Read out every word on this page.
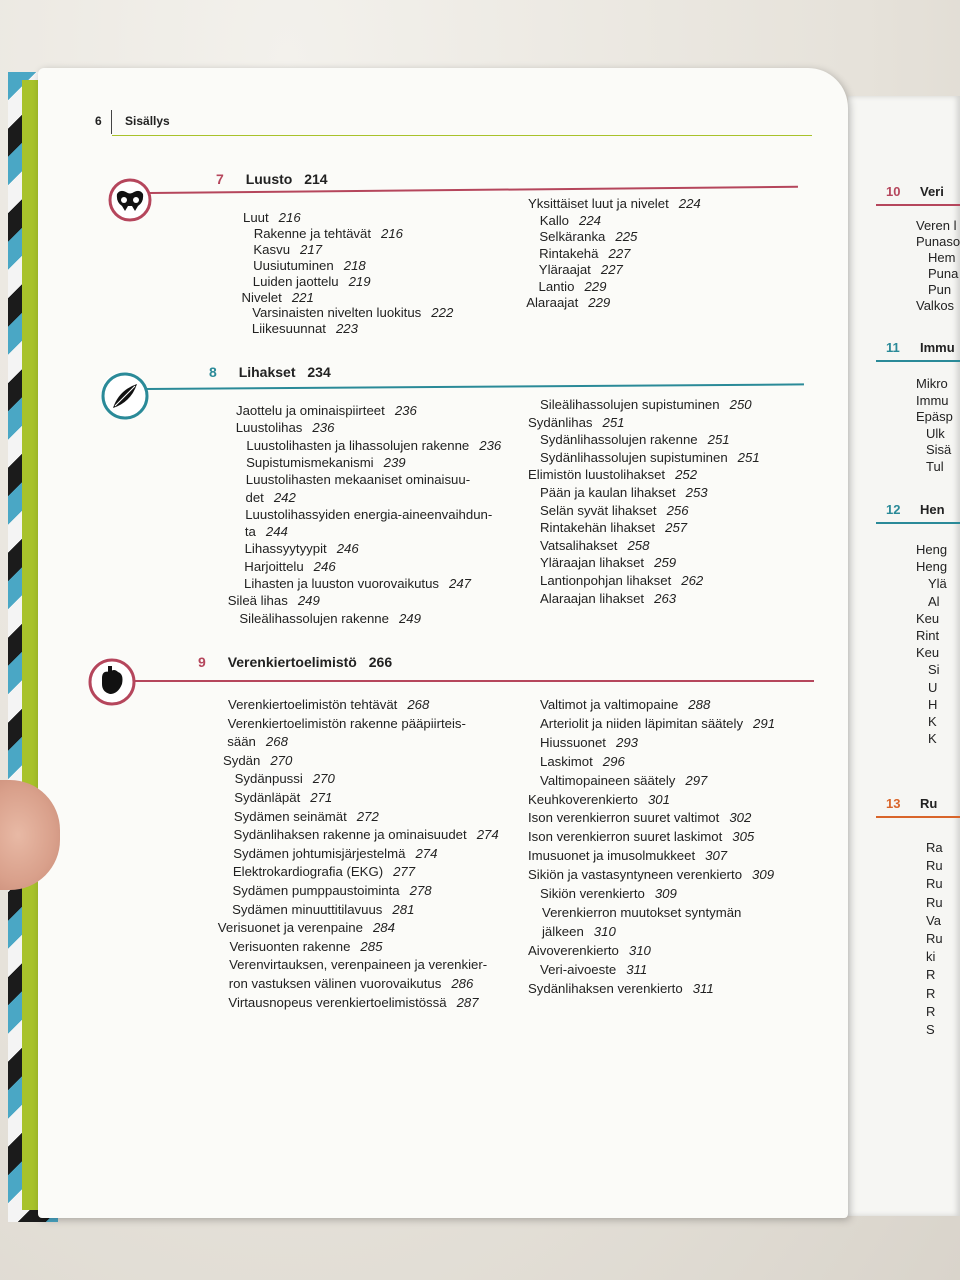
10 Veri
Veren l
Punaso
Hem
Puna
Pun
Valkos
11 Immu
Mikro
Immu
Epäsp
Ulk
Sisä
Tul
12 Hen
Heng
Heng
Ylä
Al
Keu
Rint
Keu
Si
U
H
K
K
13 Ru
Ra
Ru
Ru
Ru
Va
Ru
ki
R
R
R
S
6 Sisällys
7 Luusto 214
Luut 216
Rakenne ja tehtävät 216
Kasvu 217
Uusiutuminen 218
Luiden jaottelu 219
Nivelet 221
Varsinaisten nivelten luokitus 222
Liikesuunnat 223
Yksittäiset luut ja nivelet 224
Kallo 224
Selkäranka 225
Rintakehä 227
Yläraajat 227
Lantio 229
Alaraajat 229
8 Lihakset 234
Jaottelu ja ominaispiirteet 236
Luustolihas 236
Luustolihasten ja lihassolujen rakenne 236
Supistumismekanismi 239
Luustolihasten mekaaniset ominaisuu-
det 242
Luustolihassyiden energia-aineenvaihdun-
ta 244
Lihassyytyypit 246
Harjoittelu 246
Lihasten ja luuston vuorovaikutus 247
Sileä lihas 249
Sileälihassolujen rakenne 249
Sileälihassolujen supistuminen 250
Sydänlihas 251
Sydänlihassolujen rakenne 251
Sydänlihassolujen supistuminen 251
Elimistön luustolihakset 252
Pään ja kaulan lihakset 253
Selän syvät lihakset 256
Rintakehän lihakset 257
Vatsalihakset 258
Yläraajan lihakset 259
Lantionpohjan lihakset 262
Alaraajan lihakset 263
9 Verenkiertoelimistö 266
Verenkiertoelimistön tehtävät 268
Verenkiertoelimistön rakenne pääpiirteis-
sään 268
Sydän 270
Sydänpussi 270
Sydänläpät 271
Sydämen seinämät 272
Sydänlihaksen rakenne ja ominaisuudet 274
Sydämen johtumisjärjestelmä 274
Elektrokardiografia (EKG) 277
Sydämen pumppaustoiminta 278
Sydämen minuuttitilavuus 281
Verisuonet ja verenpaine 284
Verisuonten rakenne 285
Verenvirtauksen, verenpaineen ja verenkier-
ron vastuksen välinen vuorovaikutus 286
Virtausnopeus verenkiertoelimistössä 287
Valtimot ja valtimopaine 288
Arteriolit ja niiden läpimitan säätely 291
Hiussuonet 293
Laskimot 296
Valtimopaineen säätely 297
Keuhkoverenkierto 301
Ison verenkierron suuret valtimot 302
Ison verenkierron suuret laskimot 305
Imusuonet ja imusolmukkeet 307
Sikiön ja vastasyntyneen verenkierto 309
Sikiön verenkierto 309
Verenkierron muutokset syntymän
jälkeen 310
Aivoverenkierto 310
Veri-aivoeste 311
Sydänlihaksen verenkierto 311
